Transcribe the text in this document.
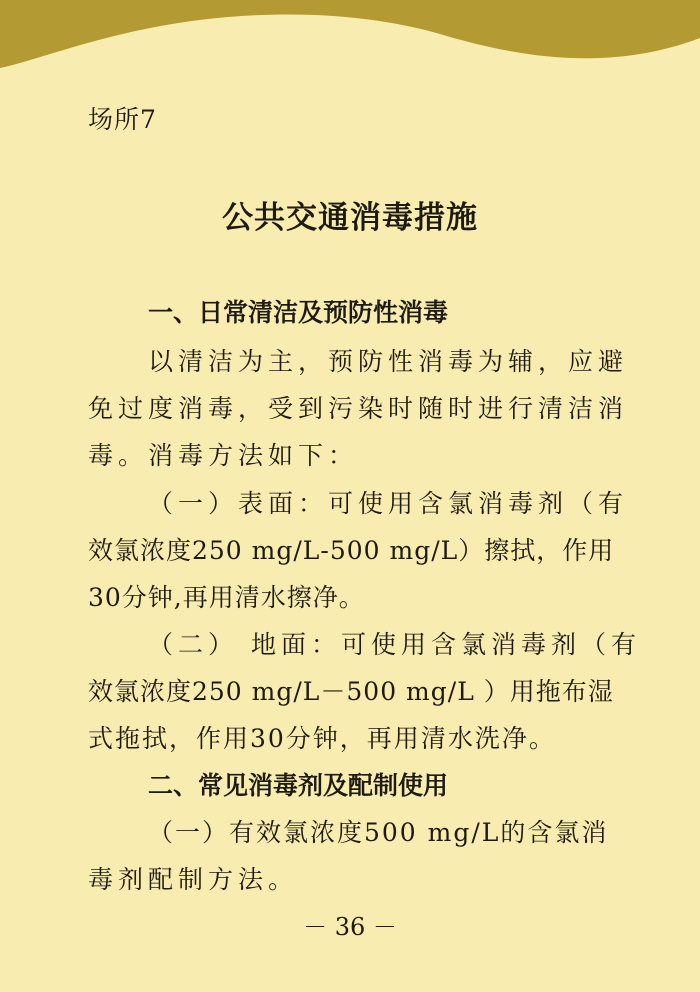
场所7
公共交通消毒措施
一、日常清洁及预防性消毒
以清洁为主，预防性消毒为辅，应避
免过度消毒，受到污染时随时进行清洁消
毒。消毒方法如下：
（一）表面：可使用含氯消毒剂（有
效氯浓度250 mg/L-500 mg/L）擦拭，作用
30分钟,再用清水擦净。
（二） 地面：可使用含氯消毒剂（有
效氯浓度250 mg/L－500 mg/L ）用拖布湿
式拖拭，作用30分钟，再用清水洗净。
二、常见消毒剂及配制使用
（一）有效氯浓度500 mg/L的含氯消
毒剂配制方法。
－ 36 －
